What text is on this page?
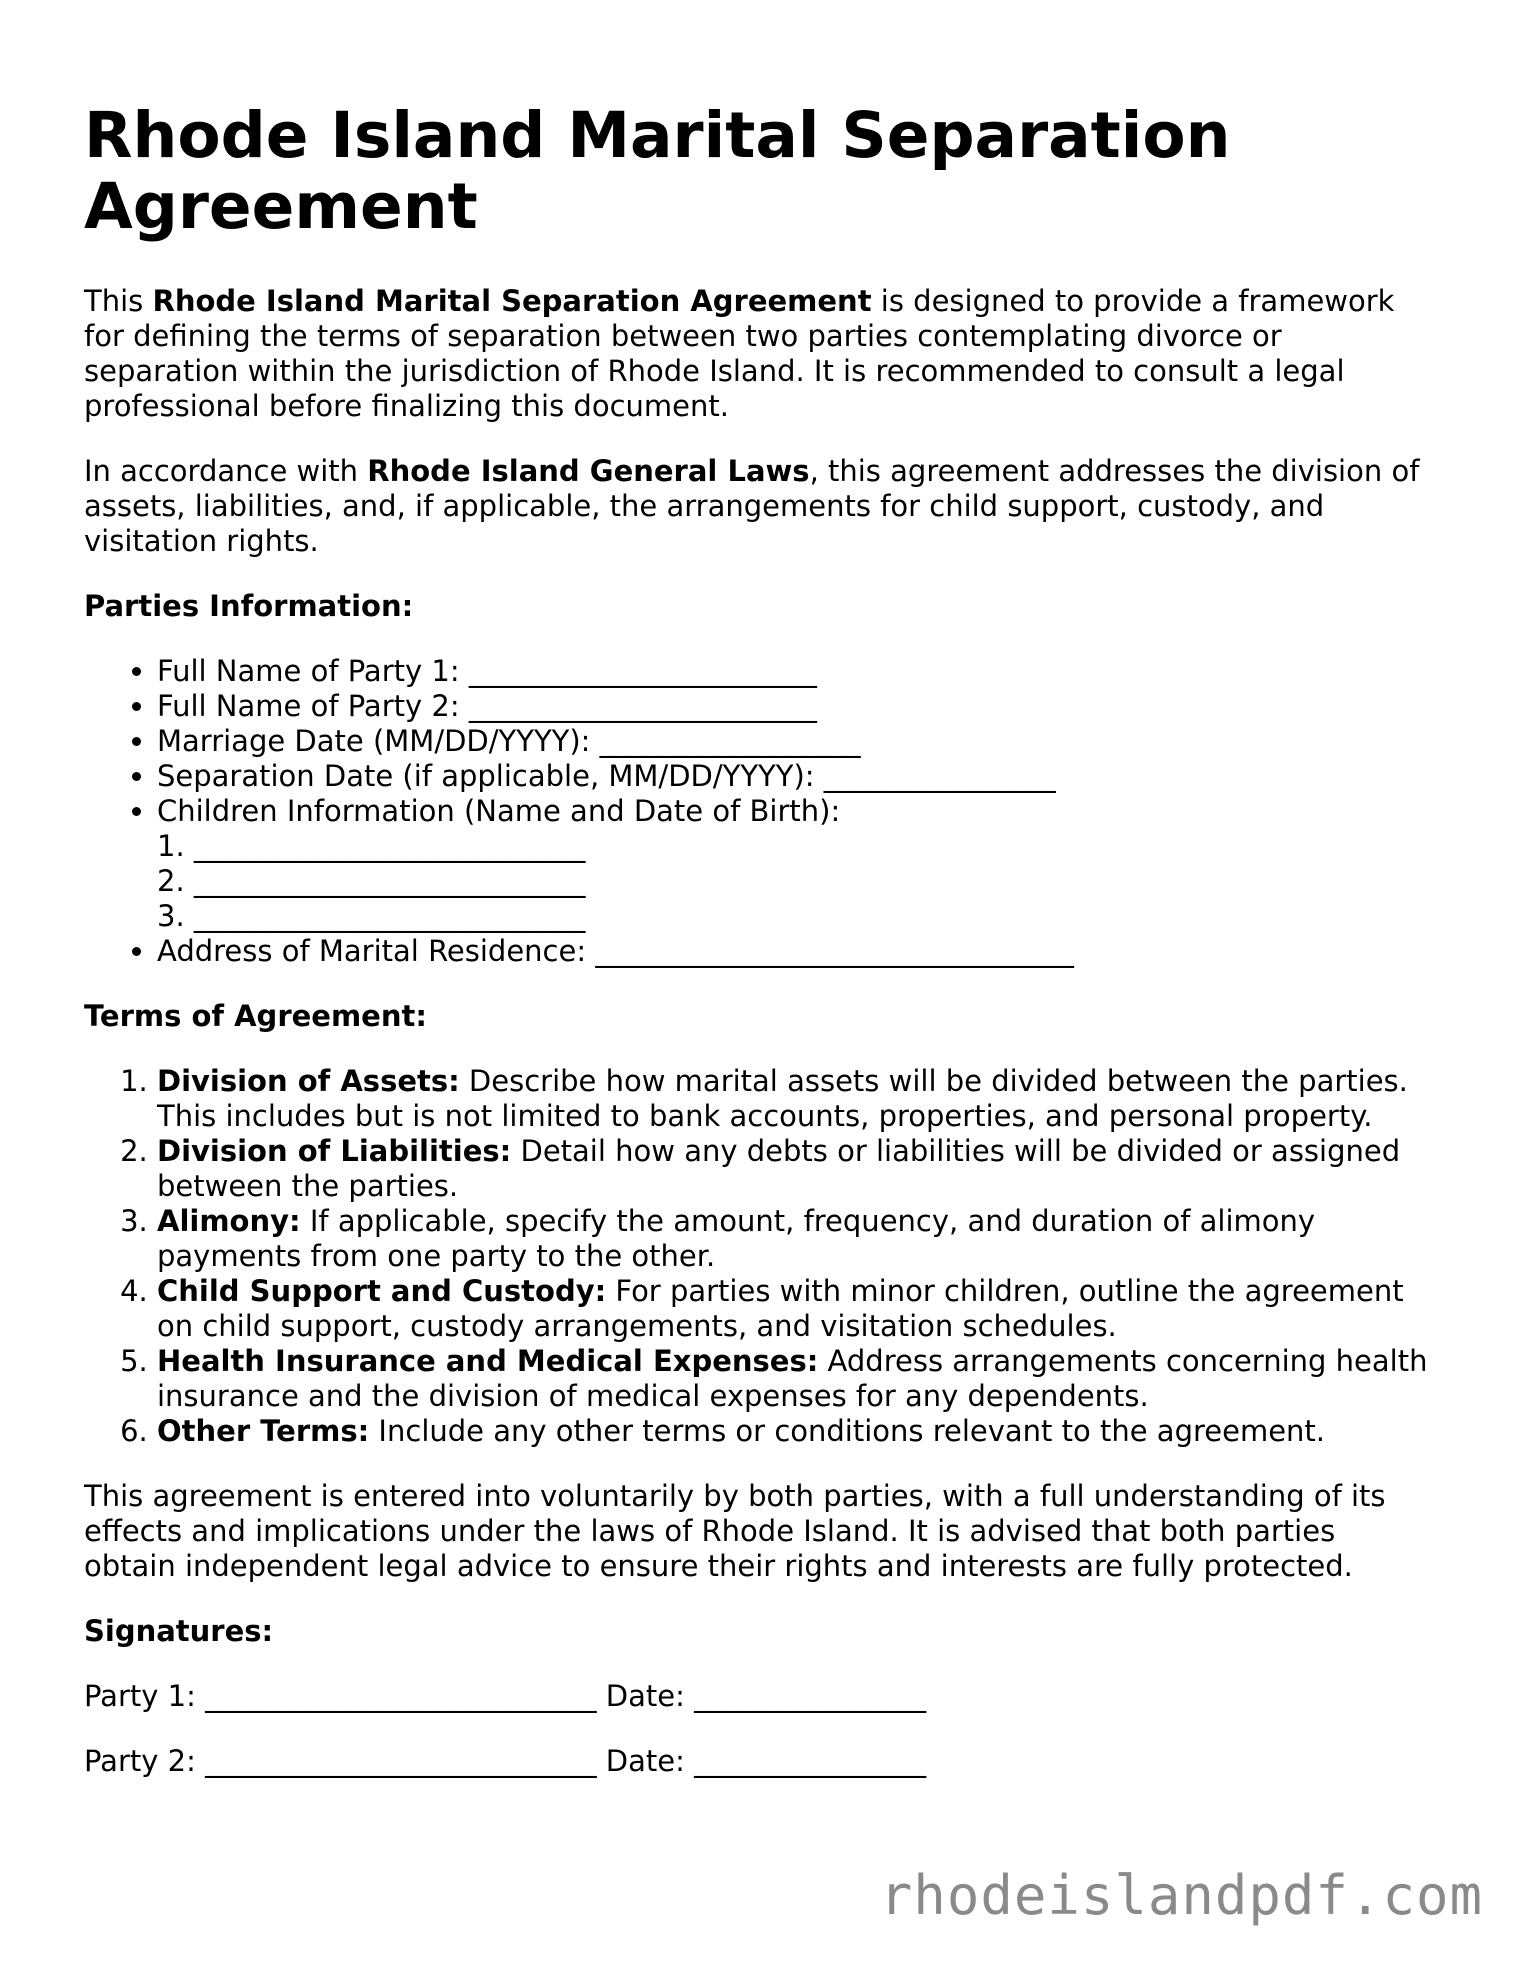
Rhode Island Marital Separation Agreement

This Rhode Island Marital Separation Agreement is designed to provide a framework for defining the terms of separation between two parties contemplating divorce or separation within the jurisdiction of Rhode Island. It is recommended to consult a legal professional before finalizing this document.

In accordance with Rhode Island General Laws, this agreement addresses the division of assets, liabilities, and, if applicable, the arrangements for child support, custody, and visitation rights.

Parties Information:

• Full Name of Party 1: ________________________
• Full Name of Party 2: ________________________
• Marriage Date (MM/DD/YYYY): __________________
• Separation Date (if applicable, MM/DD/YYYY): ________________
• Children Information (Name and Date of Birth):
1. ___________________________
2. ___________________________
3. ___________________________
• Address of Marital Residence: _________________________________

Terms of Agreement:

1. Division of Assets: Describe how marital assets will be divided between the parties. This includes but is not limited to bank accounts, properties, and personal property.
2. Division of Liabilities: Detail how any debts or liabilities will be divided or assigned between the parties.
3. Alimony: If applicable, specify the amount, frequency, and duration of alimony payments from one party to the other.
4. Child Support and Custody: For parties with minor children, outline the agreement on child support, custody arrangements, and visitation schedules.
5. Health Insurance and Medical Expenses: Address arrangements concerning health insurance and the division of medical expenses for any dependents.
6. Other Terms: Include any other terms or conditions relevant to the agreement.

This agreement is entered into voluntarily by both parties, with a full understanding of its effects and implications under the laws of Rhode Island. It is advised that both parties obtain independent legal advice to ensure their rights and interests are fully protected.

Signatures:

Party 1: ___________________________ Date: ________________

Party 2: ___________________________ Date: ________________

rhodeislandpdf.com
